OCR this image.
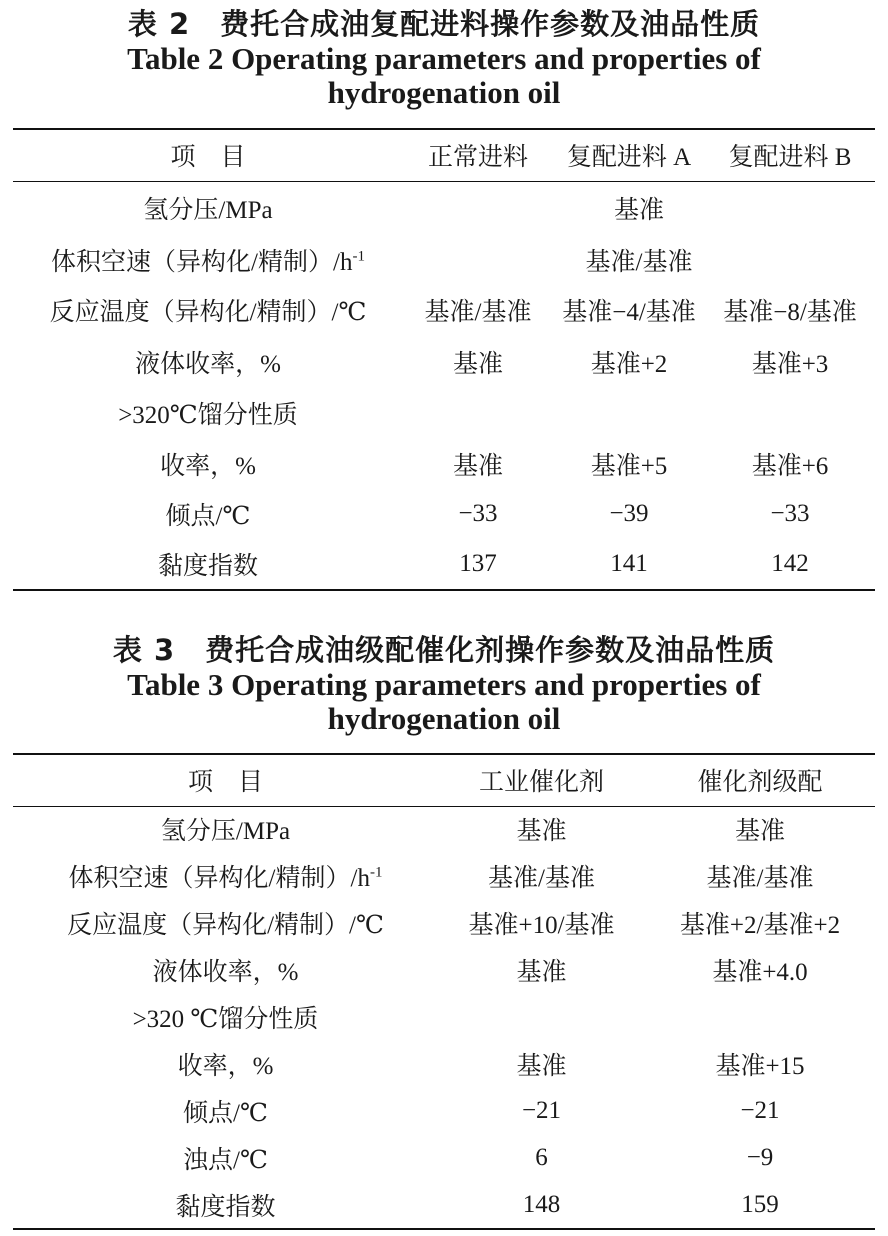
表 2　费托合成油复配进料操作参数及油品性质
Table 2 Operating parameters and properties of
hydrogenation oil
项　目	正常进料	复配进料 A	复配进料 B
氢分压/MPa	基准		
体积空速（异构化/精制）$/h^{-1}$	基准/基准		
反应温度（异构化/精制）/℃	基准/基准	基准−4/基准	基准−8/基准
液体收率，%	基准	基准+2	基准+3
>320℃馏分性质			
收率，%	基准	基准+5	基准+6
倾点/℃	−33	−39	−33
黏度指数	137	141	142
表 3　费托合成油级配催化剂操作参数及油品性质
Table 3 Operating parameters and properties of
hydrogenation oil
项　目	工业催化剂	催化剂级配
氢分压/MPa	基准	基准
体积空速（异构化/精制）$/h^{-1}$	基准/基准	基准/基准
反应温度（异构化/精制）/℃	基准+10/基准	基准+2/基准+2
液体收率，%	基准	基准+4.0
>320 ℃馏分性质		
收率，%	基准	基准+15
倾点/℃	−21	−21
浊点/℃	6	−9
黏度指数	148	159
